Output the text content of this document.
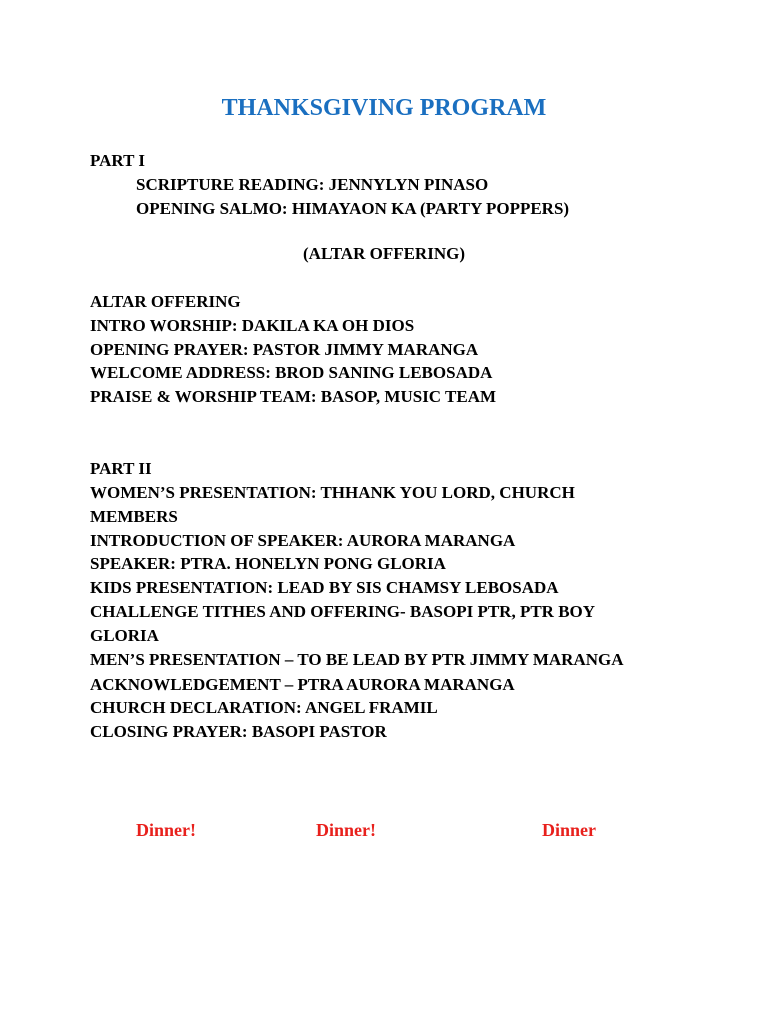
THANKSGIVING PROGRAM
PART I
SCRIPTURE READING: JENNYLYN PINASO
OPENING SALMO: HIMAYAON KA (PARTY POPPERS)
(ALTAR OFFERING)
ALTAR OFFERING
INTRO WORSHIP: DAKILA KA OH DIOS
OPENING PRAYER: PASTOR JIMMY MARANGA
WELCOME ADDRESS: BROD SANING LEBOSADA
PRAISE & WORSHIP TEAM: BASOP, MUSIC TEAM
PART II
WOMEN’S PRESENTATION: THHANK YOU LORD, CHURCH
MEMBERS
INTRODUCTION OF SPEAKER: AURORA MARANGA
SPEAKER: PTRA. HONELYN PONG GLORIA
KIDS PRESENTATION: LEAD BY SIS CHAMSY LEBOSADA
CHALLENGE TITHES AND OFFERING- BASOPI PTR, PTR BOY
GLORIA
MEN’S PRESENTATION – TO BE LEAD BY PTR JIMMY MARANGA
ACKNOWLEDGEMENT – PTRA AURORA MARANGA
CHURCH DECLARATION: ANGEL FRAMIL
CLOSING PRAYER: BASOPI PASTOR
Dinner!	Dinner!	Dinner
